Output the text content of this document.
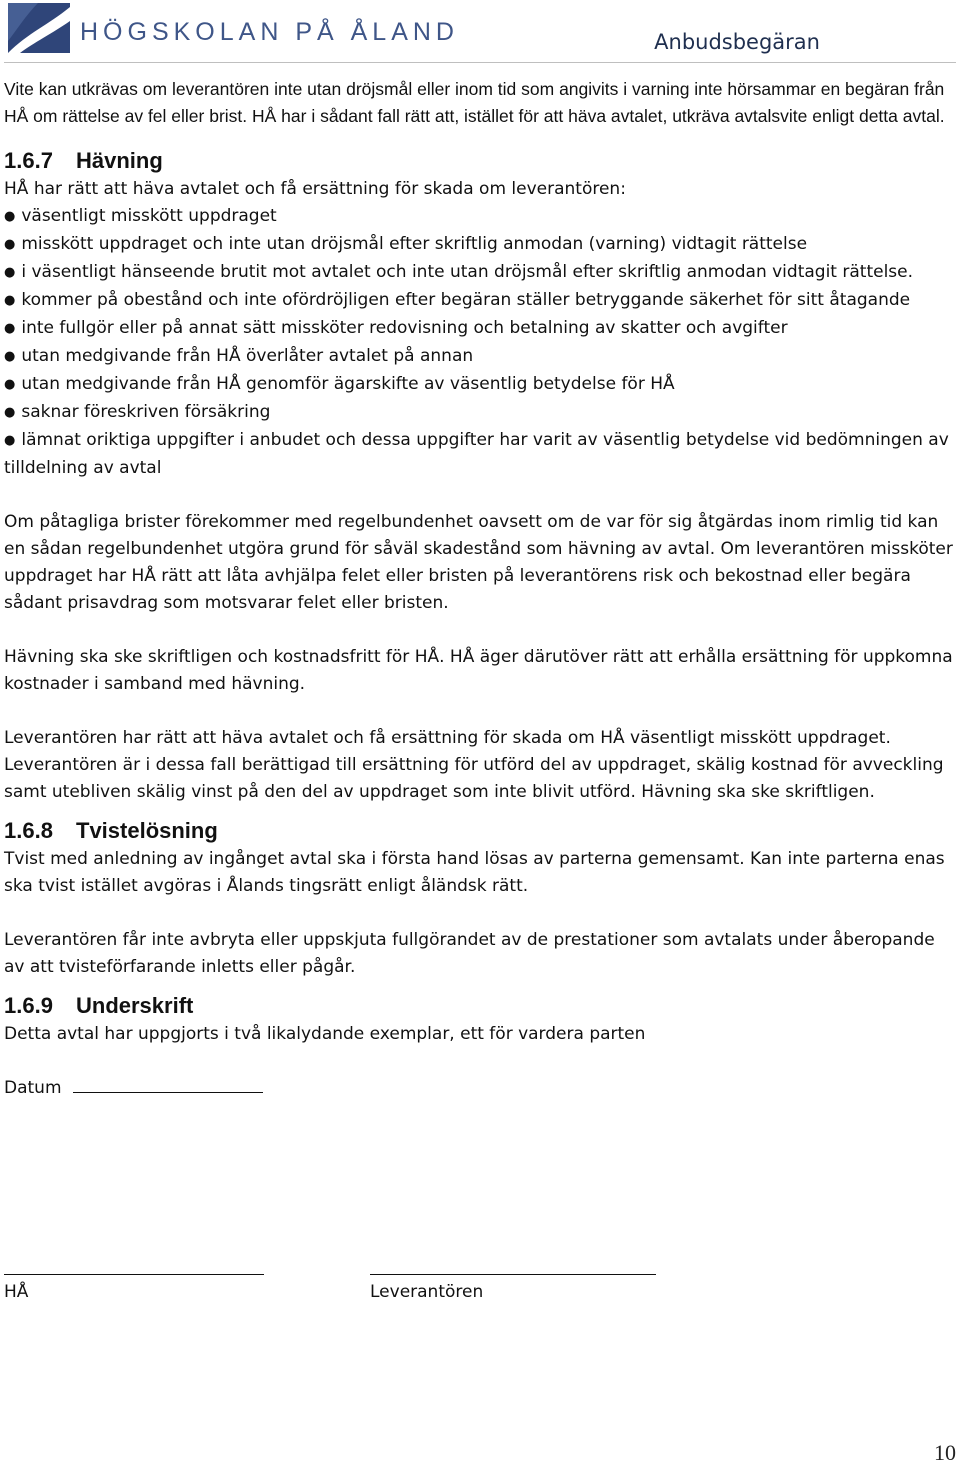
HÖGSKOLAN PÅ ÅLAND	Anbudsbegäran

Vite kan utkrävas om leverantören inte utan dröjsmål eller inom tid som angivits i varning inte hörsammar en begäran från HÅ om rättelse av fel eller brist. HÅ har i sådant fall rätt att, istället för att häva avtalet, utkräva avtalsvite enligt detta avtal.

1.6.7 Hävning

HÅ har rätt att häva avtalet och få ersättning för skada om leverantören:

● väsentligt misskött uppdraget
● misskött uppdraget och inte utan dröjsmål efter skriftlig anmodan (varning) vidtagit rättelse
● i väsentligt hänseende brutit mot avtalet och inte utan dröjsmål efter skriftlig anmodan vidtagit rättelse.
● kommer på obestånd och inte ofördröjligen efter begäran ställer betryggande säkerhet för sitt åtagande
● inte fullgör eller på annat sätt missköter redovisning och betalning av skatter och avgifter
● utan medgivande från HÅ överlåter avtalet på annan
● utan medgivande från HÅ genomför ägarskifte av väsentlig betydelse för HÅ
● saknar föreskriven försäkring
● lämnat oriktiga uppgifter i anbudet och dessa uppgifter har varit av väsentlig betydelse vid bedömningen av tilldelning av avtal

Om påtagliga brister förekommer med regelbundenhet oavsett om de var för sig åtgärdas inom rimlig tid kan en sådan regelbundenhet utgöra grund för såväl skadestånd som hävning av avtal. Om leverantören missköter uppdraget har HÅ rätt att låta avhjälpa felet eller bristen på leverantörens risk och bekostnad eller begära sådant prisavdrag som motsvarar felet eller bristen.

Hävning ska ske skriftligen och kostnadsfritt för HÅ. HÅ äger därutöver rätt att erhålla ersättning för uppkomna kostnader i samband med hävning.

Leverantören har rätt att häva avtalet och få ersättning för skada om HÅ väsentligt misskött uppdraget. Leverantören är i dessa fall berättigad till ersättning för utförd del av uppdraget, skälig kostnad för avveckling samt utebliven skälig vinst på den del av uppdraget som inte blivit utförd. Hävning ska ske skriftligen.

1.6.8 Tvistelösning

Tvist med anledning av ingånget avtal ska i första hand lösas av parterna gemensamt. Kan inte parterna enas ska tvist istället avgöras i Ålands tingsrätt enligt åländsk rätt.

Leverantören får inte avbryta eller uppskjuta fullgörandet av de prestationer som avtalats under åberopande av att tvisteförfarande inletts eller pågår.

1.6.9 Underskrift

Detta avtal har uppgjorts i två likalydande exemplar, ett för vardera parten

Datum

HÅ	Leverantören
10
